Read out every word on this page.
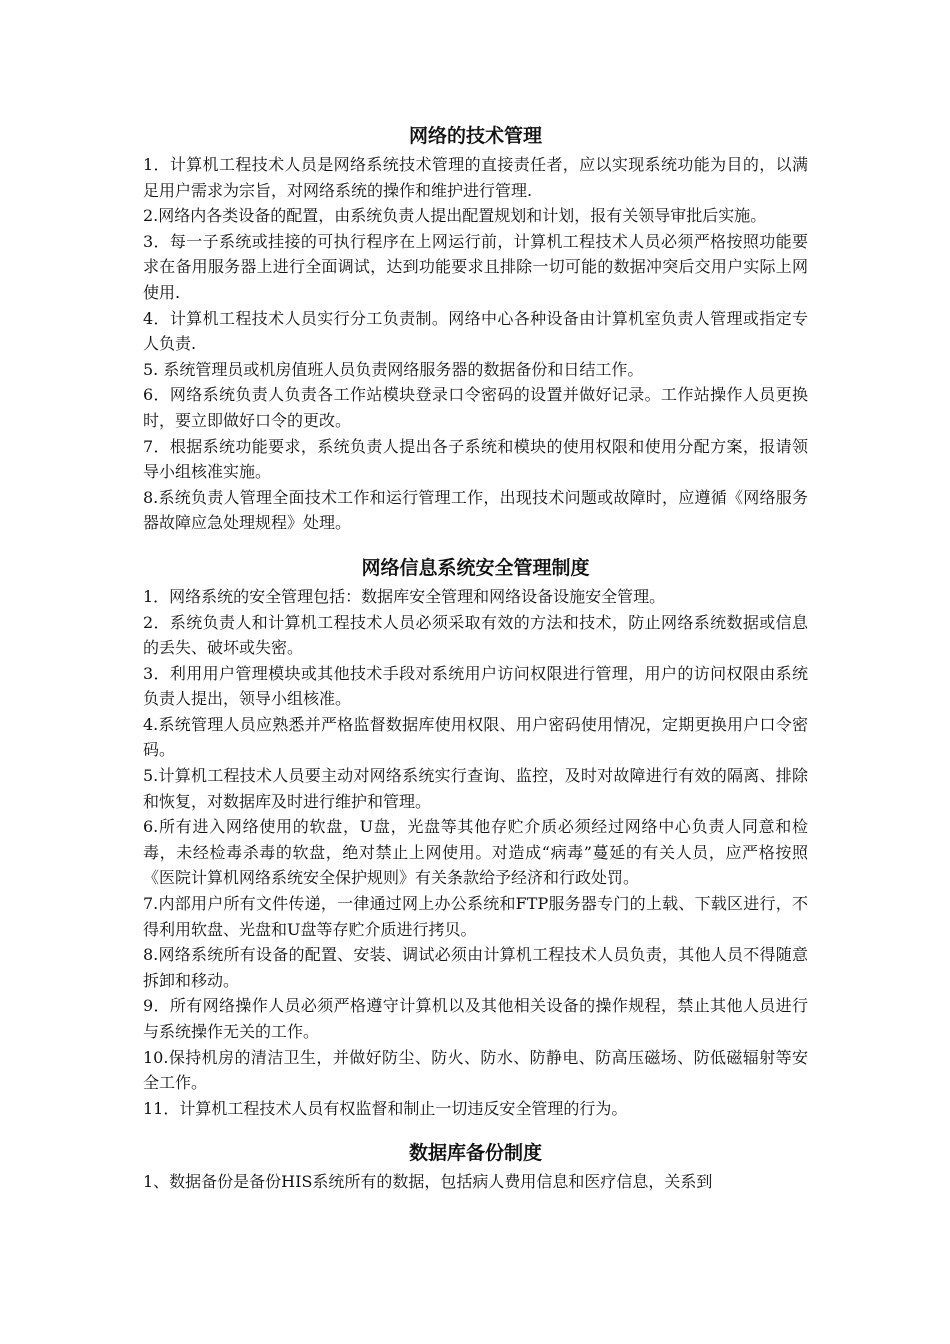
网络的技术管理

1．计算机工程技术人员是网络系统技术管理的直接责任者，应以实现系统功能为目的，以满足用户需求为宗旨，对网络系统的操作和维护进行管理.

2.网络内各类设备的配置，由系统负责人提出配置规划和计划，报有关领导审批后实施。

3．每一子系统或挂接的可执行程序在上网运行前，计算机工程技术人员必须严格按照功能要求在备用服务器上进行全面调试，达到功能要求且排除一切可能的数据冲突后交用户实际上网使用.

4．计算机工程技术人员实行分工负责制。网络中心各种设备由计算机室负责人管理或指定专人负责.

5. 系统管理员或机房值班人员负责网络服务器的数据备份和日结工作。

6．网络系统负责人负责各工作站模块登录口令密码的设置并做好记录。工作站操作人员更换时，要立即做好口令的更改。

7．根据系统功能要求，系统负责人提出各子系统和模块的使用权限和使用分配方案，报请领导小组核准实施。

8.系统负责人管理全面技术工作和运行管理工作，出现技术问题或故障时，应遵循《网络服务器故障应急处理规程》处理。

网络信息系统安全管理制度

1．网络系统的安全管理包括：数据库安全管理和网络设备设施安全管理。

2．系统负责人和计算机工程技术人员必须采取有效的方法和技术，防止网络系统数据或信息的丢失、破坏或失密。

3．利用用户管理模块或其他技术手段对系统用户访问权限进行管理，用户的访问权限由系统负责人提出，领导小组核准。

4.系统管理人员应熟悉并严格监督数据库使用权限、用户密码使用情况，定期更换用户口令密码。

5.计算机工程技术人员要主动对网络系统实行查询、监控，及时对故障进行有效的隔离、排除和恢复，对数据库及时进行维护和管理。

6.所有进入网络使用的软盘，U盘，光盘等其他存贮介质必须经过网络中心负责人同意和检毒，未经检毒杀毒的软盘，绝对禁止上网使用。对造成“病毒”蔓延的有关人员，应严格按照《医院计算机网络系统安全保护规则》有关条款给予经济和行政处罚。

7.内部用户所有文件传递，一律通过网上办公系统和FTP服务器专门的上载、下载区进行，不得利用软盘、光盘和U盘等存贮介质进行拷贝。

8.网络系统所有设备的配置、安装、调试必须由计算机工程技术人员负责，其他人员不得随意拆卸和移动。

9．所有网络操作人员必须严格遵守计算机以及其他相关设备的操作规程，禁止其他人员进行与系统操作无关的工作。

10.保持机房的清洁卫生，并做好防尘、防火、防水、防静电、防高压磁场、防低磁辐射等安全工作。

11．计算机工程技术人员有权监督和制止一切违反安全管理的行为。

数据库备份制度

1、数据备份是备份HIS系统所有的数据，包括病人费用信息和医疗信息，关系到
